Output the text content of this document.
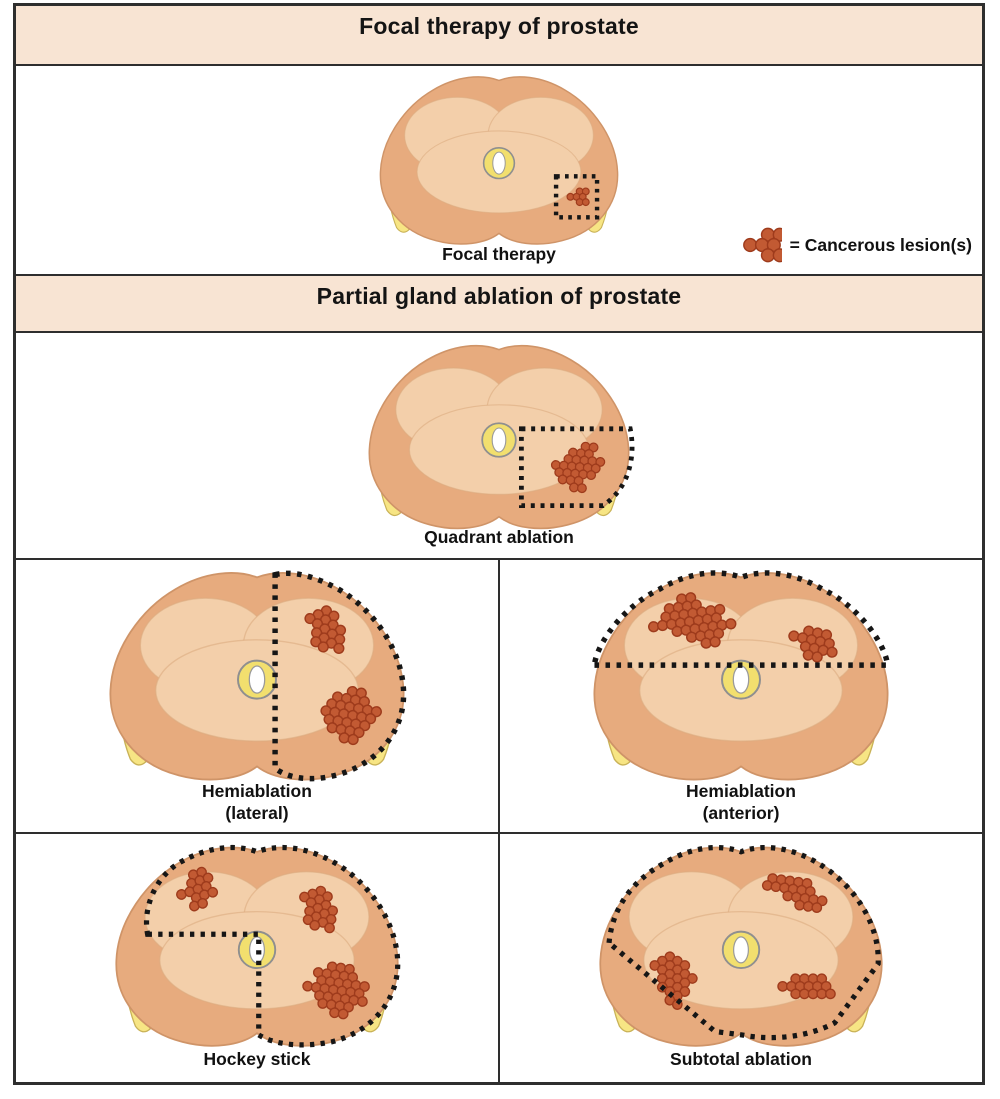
Focal therapy of prostate
Focal therapy	= Cancerous lesion(s)
Partial gland ablation of prostate
Quadrant ablation
Hemiablation
(lateral)
Hemiablation
(anterior)
Hockey stick	Subtotal ablation
